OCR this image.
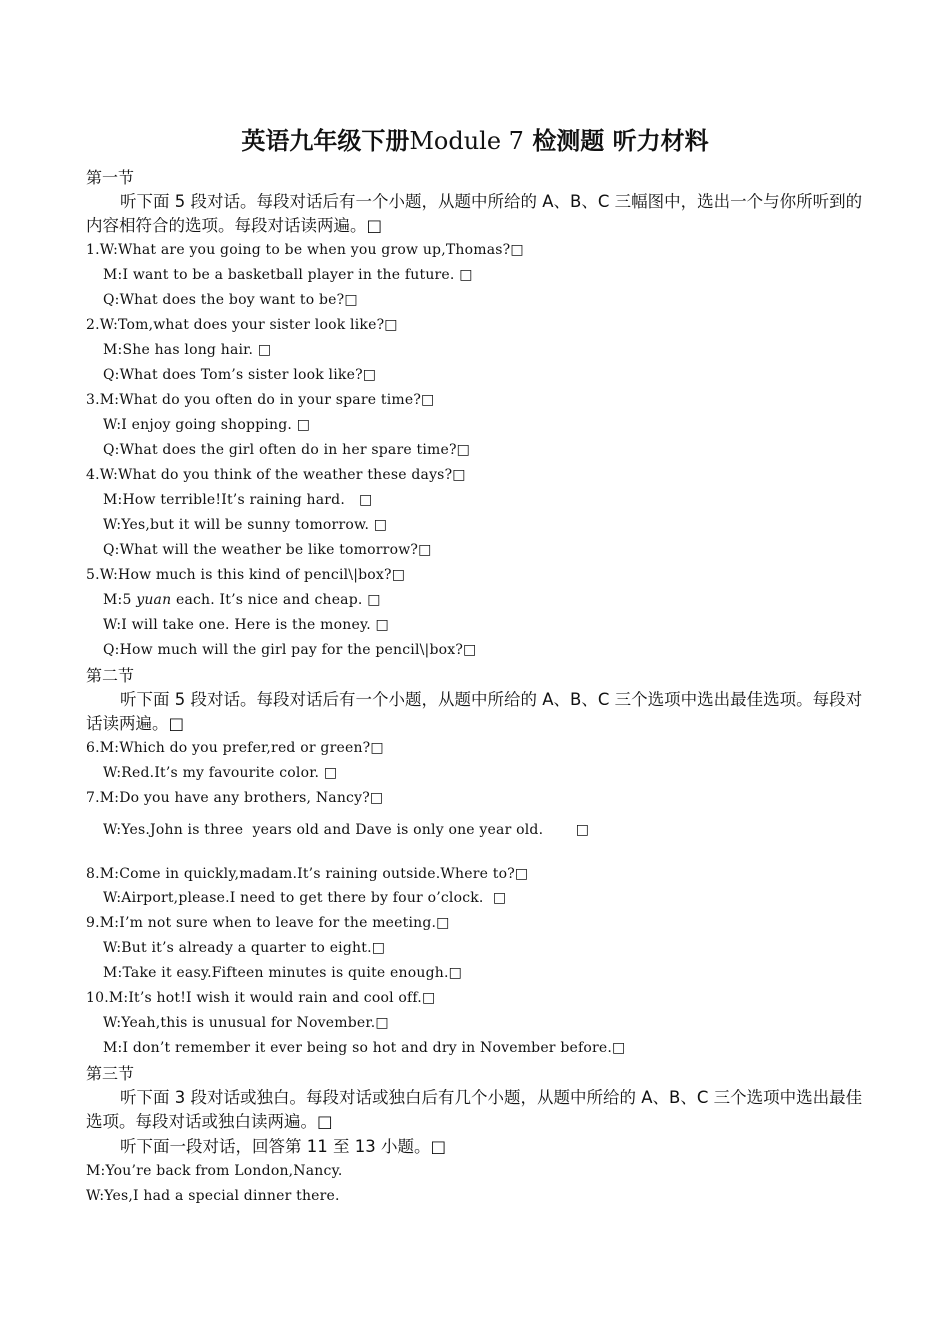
英语九年级下册Module 7 检测题 听力材料
第一节
听下面 5 段对话。每段对话后有一个小题，从题中所给的 A、B、C 三幅图中，选出一个与你所听到的内容相符合的选项。每段对话读两遍。□
1.W:What are you going to be when you grow up,Thomas?□
M:I want to be a basketball player in the future. □
Q:What does the boy want to be?□
2.W:Tom,what does your sister look like?□
M:She has long hair. □
Q:What does Tom’s sister look like?□
3.M:What do you often do in your spare time?□
W:I enjoy going shopping. □
Q:What does the girl often do in her spare time?□
4.W:What do you think of the weather these days?□
M:How terrible!It’s raining hard.   □
W:Yes,but it will be sunny tomorrow. □
Q:What will the weather be like tomorrow?□
5.W:How much is this kind of pencil\|box?□
M:5 yuan each. It’s nice and cheap. □
W:I will take one. Here is the money. □
Q:How much will the girl pay for the pencil\|box?□
第二节
听下面 5 段对话。每段对话后有一个小题，从题中所给的 A、B、C 三个选项中选出最佳选项。每段对话读两遍。□
6.M:Which do you prefer,red or green?□
W:Red.It’s my favourite color. □
7.M:Do you have any brothers, Nancy?□
W:Yes.John is three  years old and Dave is only one year old.       □
8.M:Come in quickly,madam.It’s raining outside.Where to?□
W:Airport,please.I need to get there by four o’clock.  □
9.M:I’m not sure when to leave for the meeting.□
W:But it’s already a quarter to eight.□
M:Take it easy.Fifteen minutes is quite enough.□
10.M:It’s hot!I wish it would rain and cool off.□
W:Yeah,this is unusual for November.□
M:I don’t remember it ever being so hot and dry in November before.□
第三节
听下面 3 段对话或独白。每段对话或独白后有几个小题，从题中所给的 A、B、C 三个选项中选出最佳选项。每段对话或独白读两遍。□
听下面一段对话，回答第 11 至 13 小题。□
M:You’re back from London,Nancy.
W:Yes,I had a special dinner there.
